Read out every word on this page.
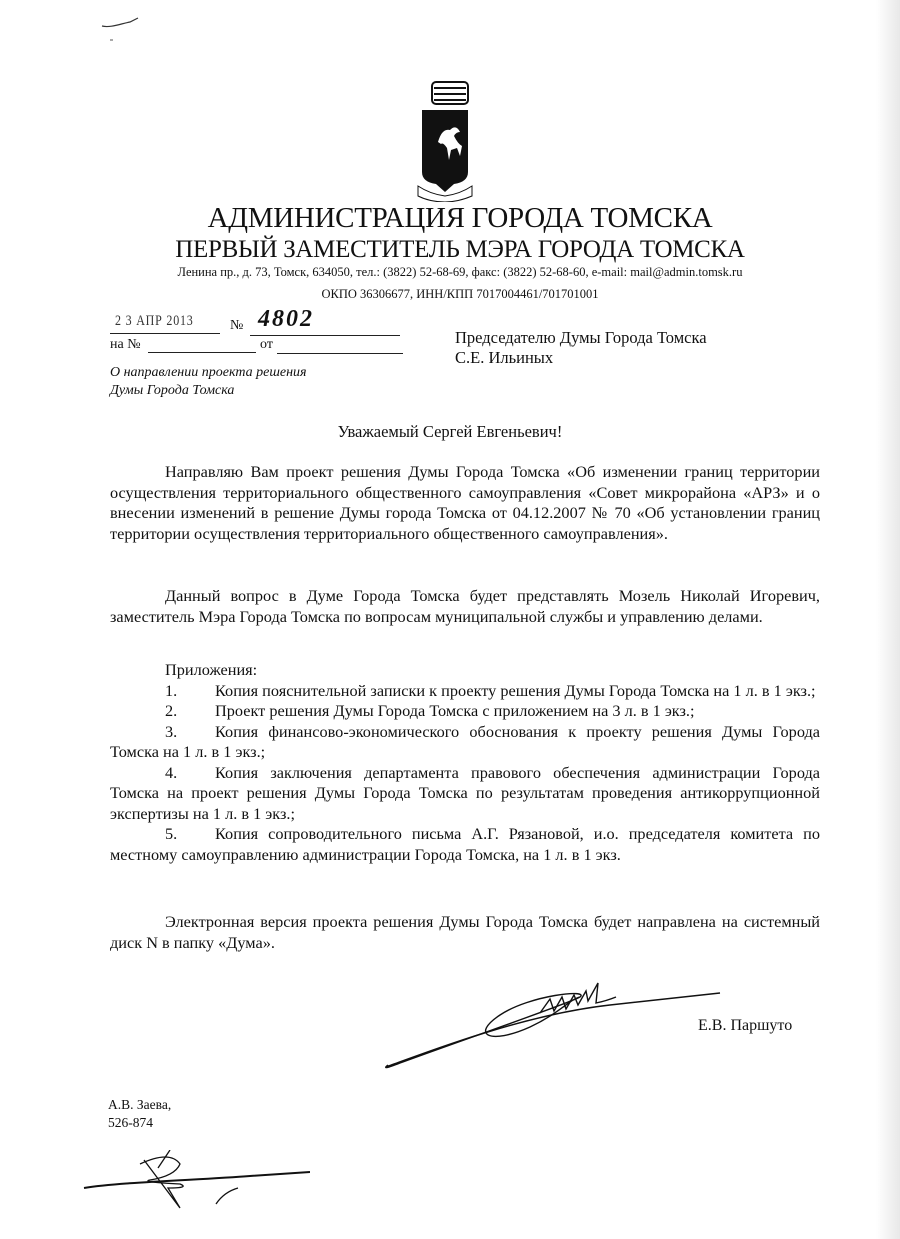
АДМИНИСТРАЦИЯ ГОРОДА ТОМСКА
ПЕРВЫЙ ЗАМЕСТИТЕЛЬ МЭРА ГОРОДА ТОМСКА
Ленина пр., д. 73, Томск, 634050, тел.: (3822) 52-68-69, факс: (3822) 52-68-60, e-mail: mail@admin.tomsk.ru
ОКПО 36306677, ИНН/КПП 7017004461/701701001
2 3 АПР 2013	№ 4802
на №	от
О направлении проекта решения
Думы Города Томска
Председателю Думы Города Томска
С.Е. Ильиных
Уважаемый Сергей Евгеньевич!
Направляю Вам проект решения Думы Города Томска «Об изменении границ территории осуществления территориального общественного самоуправления «Совет микрорайона «АРЗ» и о внесении изменений в решение Думы города Томска от 04.12.2007 № 70 «Об установлении границ территории осуществления территориального общественного самоуправления».
Данный вопрос в Думе Города Томска будет представлять Мозель Николай Игоревич, заместитель Мэра Города Томска по вопросам муниципальной службы и управлению делами.
Приложения:
1. Копия пояснительной записки к проекту решения Думы Города Томска на 1 л. в 1 экз.;
2. Проект решения Думы Города Томска с приложением на 3 л. в 1 экз.;
3. Копия финансово-экономического обоснования к проекту решения Думы Города Томска на 1 л. в 1 экз.;
4. Копия заключения департамента правового обеспечения администрации Города Томска на проект решения Думы Города Томска по результатам проведения антикоррупционной экспертизы на 1 л. в 1 экз.;
5. Копия сопроводительного письма А.Г. Рязановой, и.о. председателя комитета по местному самоуправлению администрации Города Томска, на 1 л. в 1 экз.
Электронная версия проекта решения Думы Города Томска будет направлена на системный диск N в папку «Дума».
Е.В. Паршуто
А.В. Заева,
526-874
